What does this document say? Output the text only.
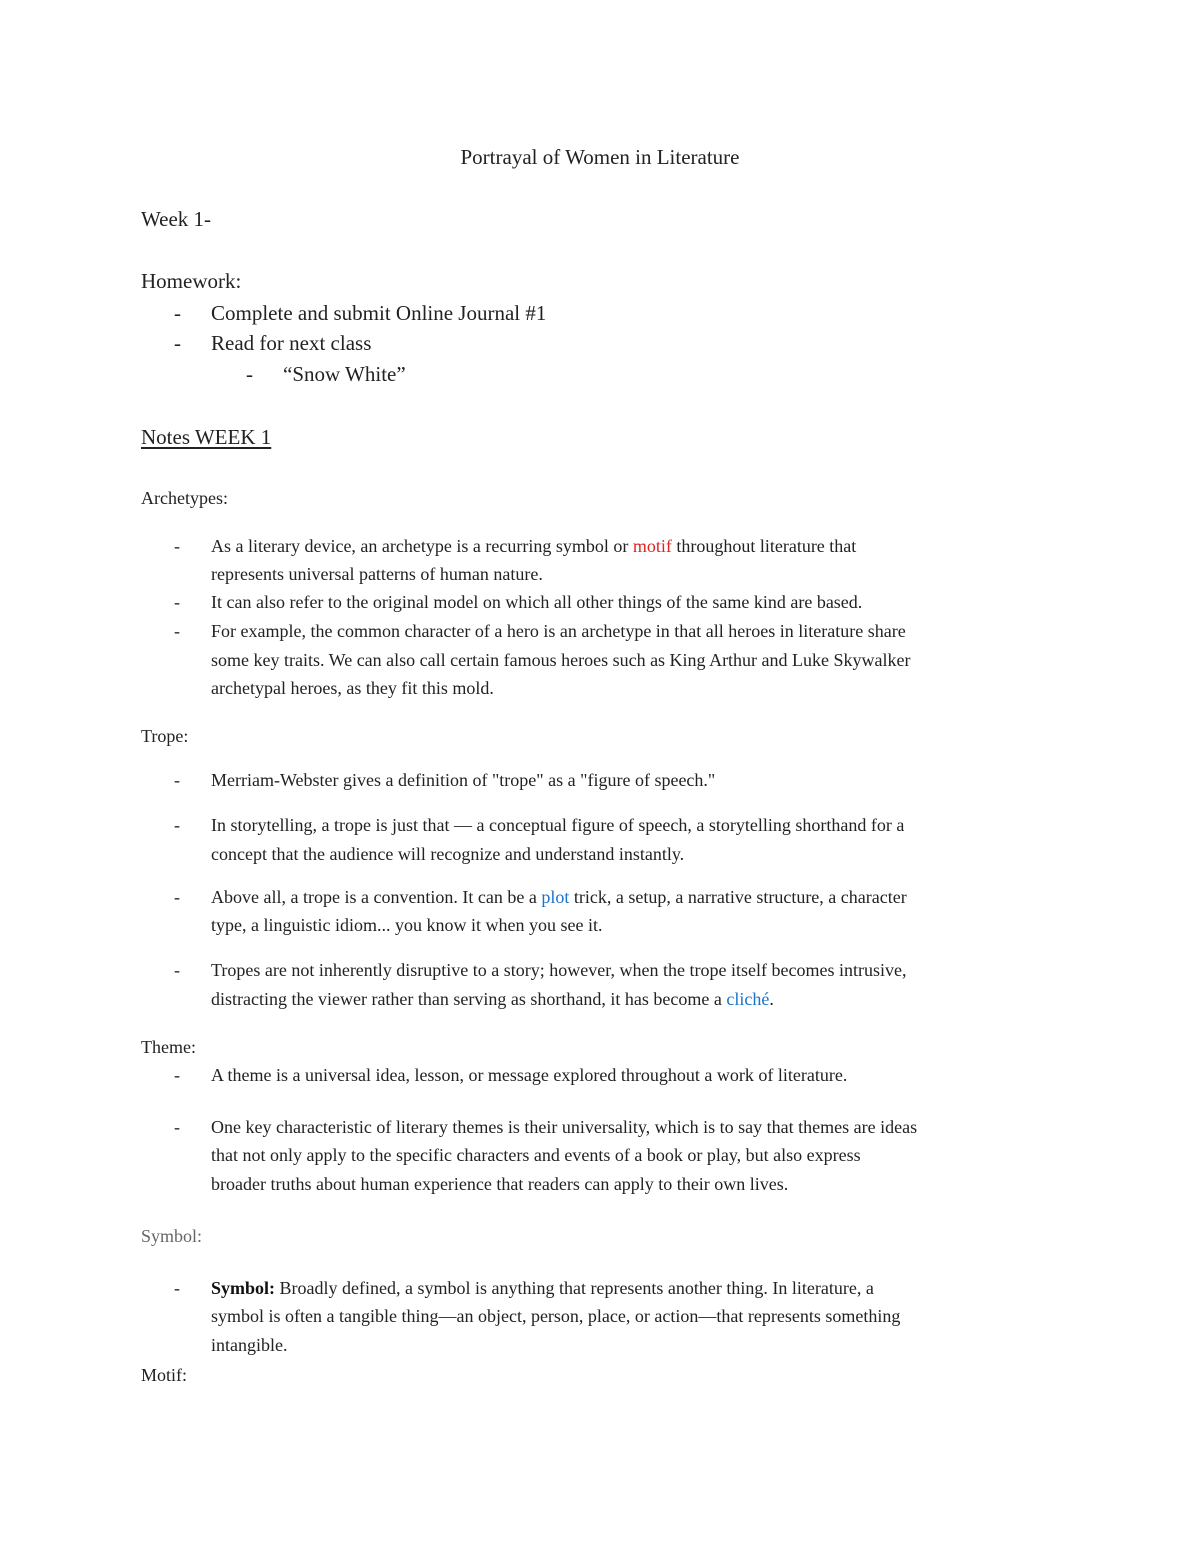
Portrayal of Women in Literature
Week 1-
Homework:
- Complete and submit Online Journal #1
- Read for next class
- “Snow White”
Notes WEEK 1
Archetypes:
- As a literary device, an archetype is a recurring symbol or motif throughout literature that
represents universal patterns of human nature.
- It can also refer to the original model on which all other things of the same kind are based.
- For example, the common character of a hero is an archetype in that all heroes in literature share
some key traits. We can also call certain famous heroes such as King Arthur and Luke Skywalker
archetypal heroes, as they fit this mold.
Trope:
- Merriam-Webster gives a definition of "trope" as a "figure of speech."
- In storytelling, a trope is just that — a conceptual figure of speech, a storytelling shorthand for a
concept that the audience will recognize and understand instantly.
- Above all, a trope is a convention. It can be a plot trick, a setup, a narrative structure, a character
type, a linguistic idiom... you know it when you see it.
- Tropes are not inherently disruptive to a story; however, when the trope itself becomes intrusive,
distracting the viewer rather than serving as shorthand, it has become a cliché.
Theme:
- A theme is a universal idea, lesson, or message explored throughout a work of literature.
- One key characteristic of literary themes is their universality, which is to say that themes are ideas
that not only apply to the specific characters and events of a book or play, but also express
broader truths about human experience that readers can apply to their own lives.
Symbol:
- Symbol: Broadly defined, a symbol is anything that represents another thing. In literature, a
symbol is often a tangible thing—an object, person, place, or action—that represents something
intangible.
Motif:
